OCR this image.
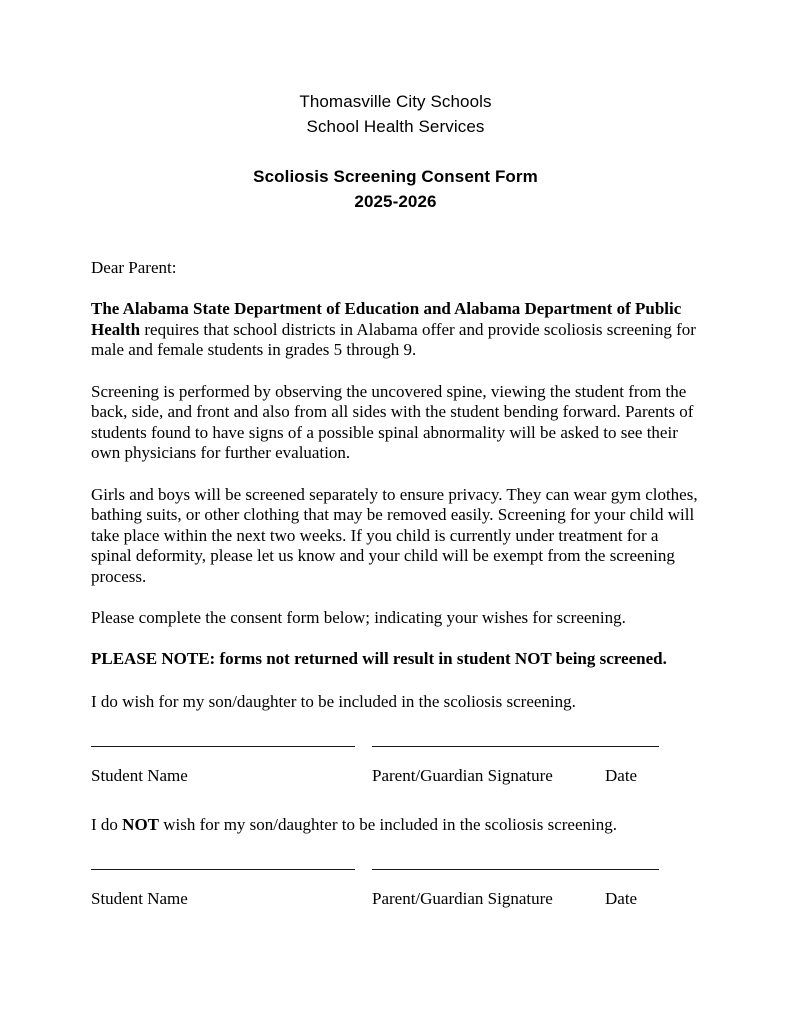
Thomasville City Schools
School Health Services
Scoliosis Screening Consent Form
2025-2026

Dear Parent:

The Alabama State Department of Education and Alabama Department of Public Health requires that school districts in Alabama offer and provide scoliosis screening for male and female students in grades 5 through 9.

Screening is performed by observing the uncovered spine, viewing the student from the back, side, and front and also from all sides with the student bending forward. Parents of students found to have signs of a possible spinal abnormality will be asked to see their own physicians for further evaluation.

Girls and boys will be screened separately to ensure privacy. They can wear gym clothes, bathing suits, or other clothing that may be removed easily. Screening for your child will take place within the next two weeks. If you child is currently under treatment for a spinal deformity, please let us know and your child will be exempt from the screening process.

Please complete the consent form below; indicating your wishes for screening.

PLEASE NOTE: forms not returned will result in student NOT being screened.

I do wish for my son/daughter to be included in the scoliosis screening.

Student Name	Parent/Guardian Signature	Date

I do NOT wish for my son/daughter to be included in the scoliosis screening.

Student Name	Parent/Guardian Signature	Date
